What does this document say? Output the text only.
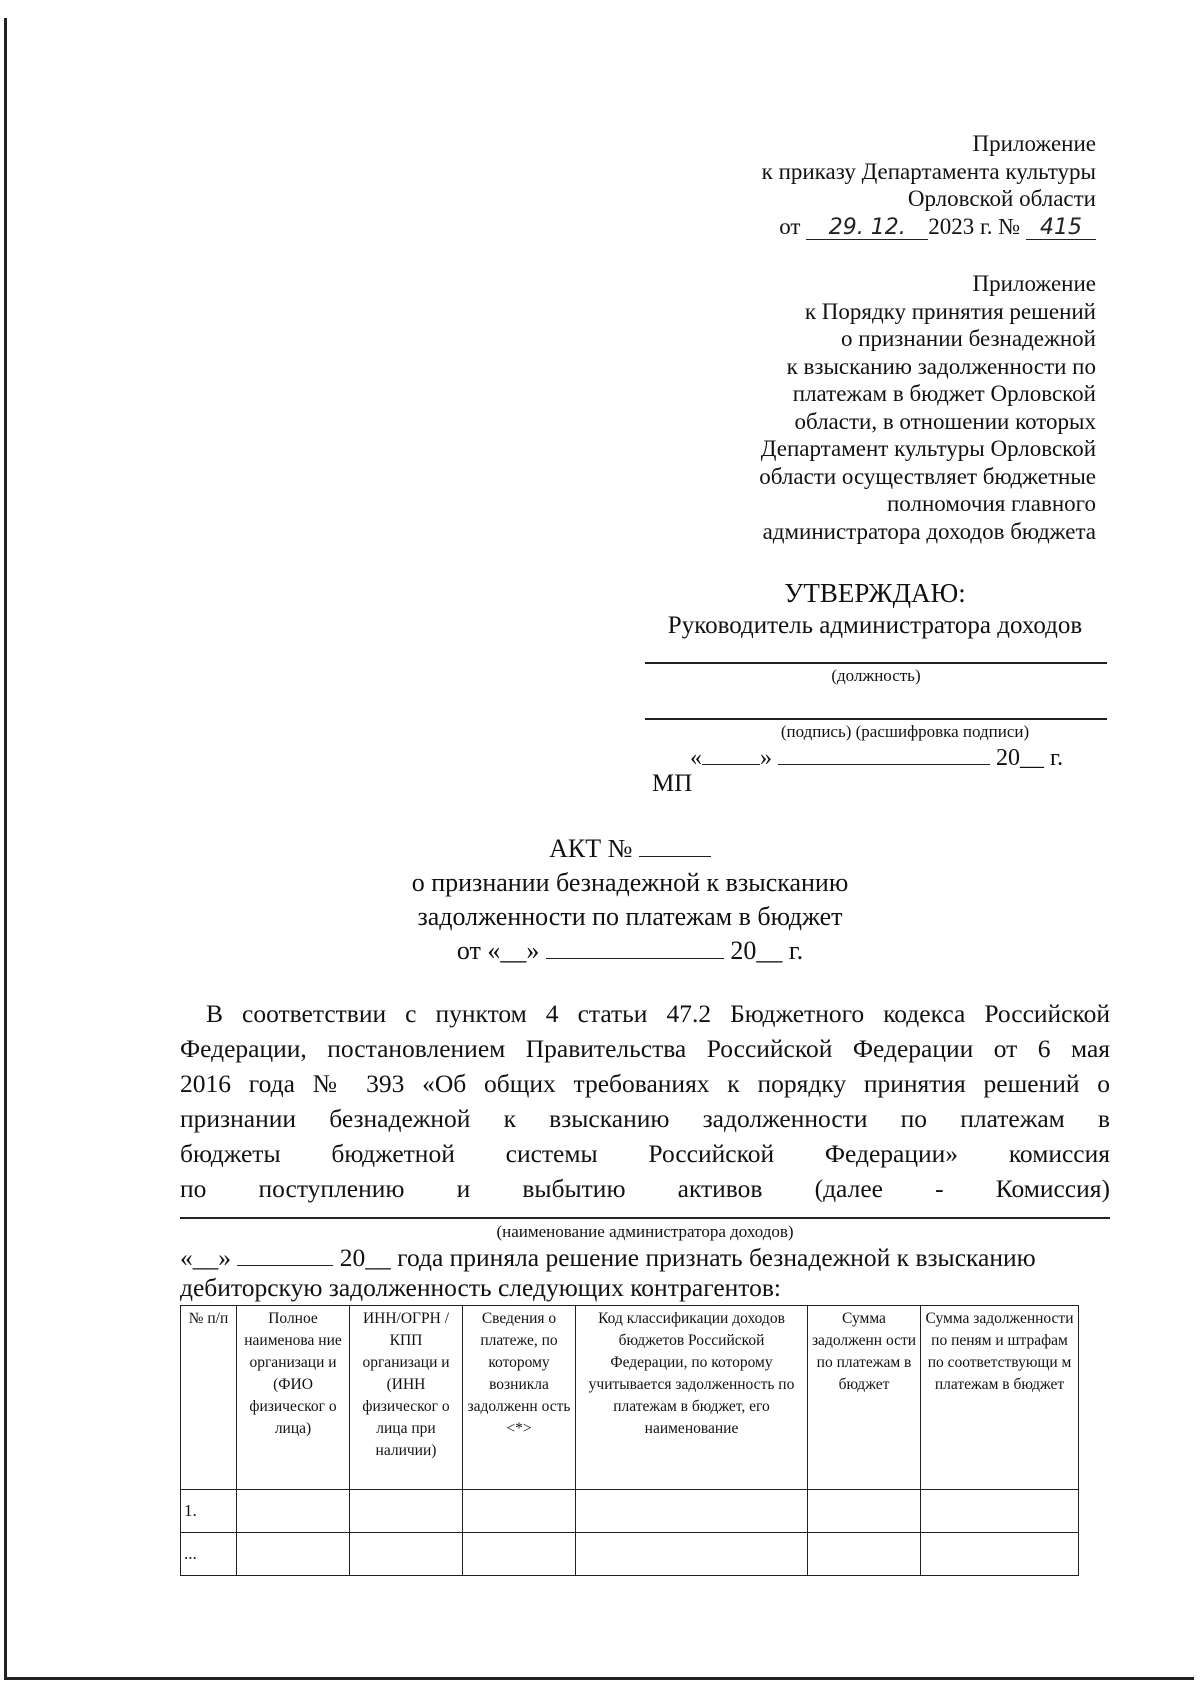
Приложение
к приказу Департамента культуры
Орловской области
от 29. 12. 2023 г. № 415
Приложение
к Порядку принятия решений
о признании безнадежной
к взысканию задолженности по
платежам в бюджет Орловской
области, в отношении которых
Департамент культуры Орловской
области осуществляет бюджетные
полномочия главного
администратора доходов бюджета
УТВЕРЖДАЮ:
Руководитель администратора доходов
(должность)
(подпись) (расшифровка подписи)
« »	20__ г.
МП
АКТ №
о признании безнадежной к взысканию
задолженности по платежам в бюджет
от «__»	20__ г.
В соответствии с пунктом 4 статьи 47.2 Бюджетного кодекса Российской
Федерации, постановлением Правительства Российской Федерации от 6 мая
2016 года № 393 «Об общих требованиях к порядку принятия решений о
признании безнадежной к взысканию задолженности по платежам в
бюджеты бюджетной системы Российской Федерации» комиссия
по поступлению и выбытию активов (далее - Комиссия)
(наименование администратора доходов)
«__»	20__ года приняла решение признать безнадежной к взысканию
дебиторскую задолженность следующих контрагентов:
№ п/п	Полное наименова ние организаци и (ФИО физическог о лица)	ИНН/ОГРН /КПП организаци и (ИНН физическог о лица при наличии)	Сведения о платеже, по которому возникла задолженн ость <*>	Код классификации доходов бюджетов Российской Федерации, по которому учитывается задолженность по платежам в бюджет, его наименование	Сумма задолженн ости по платежам в бюджет	Сумма задолженности по пеням и штрафам по соответствующи м платежам в бюджет
1.						
...						
